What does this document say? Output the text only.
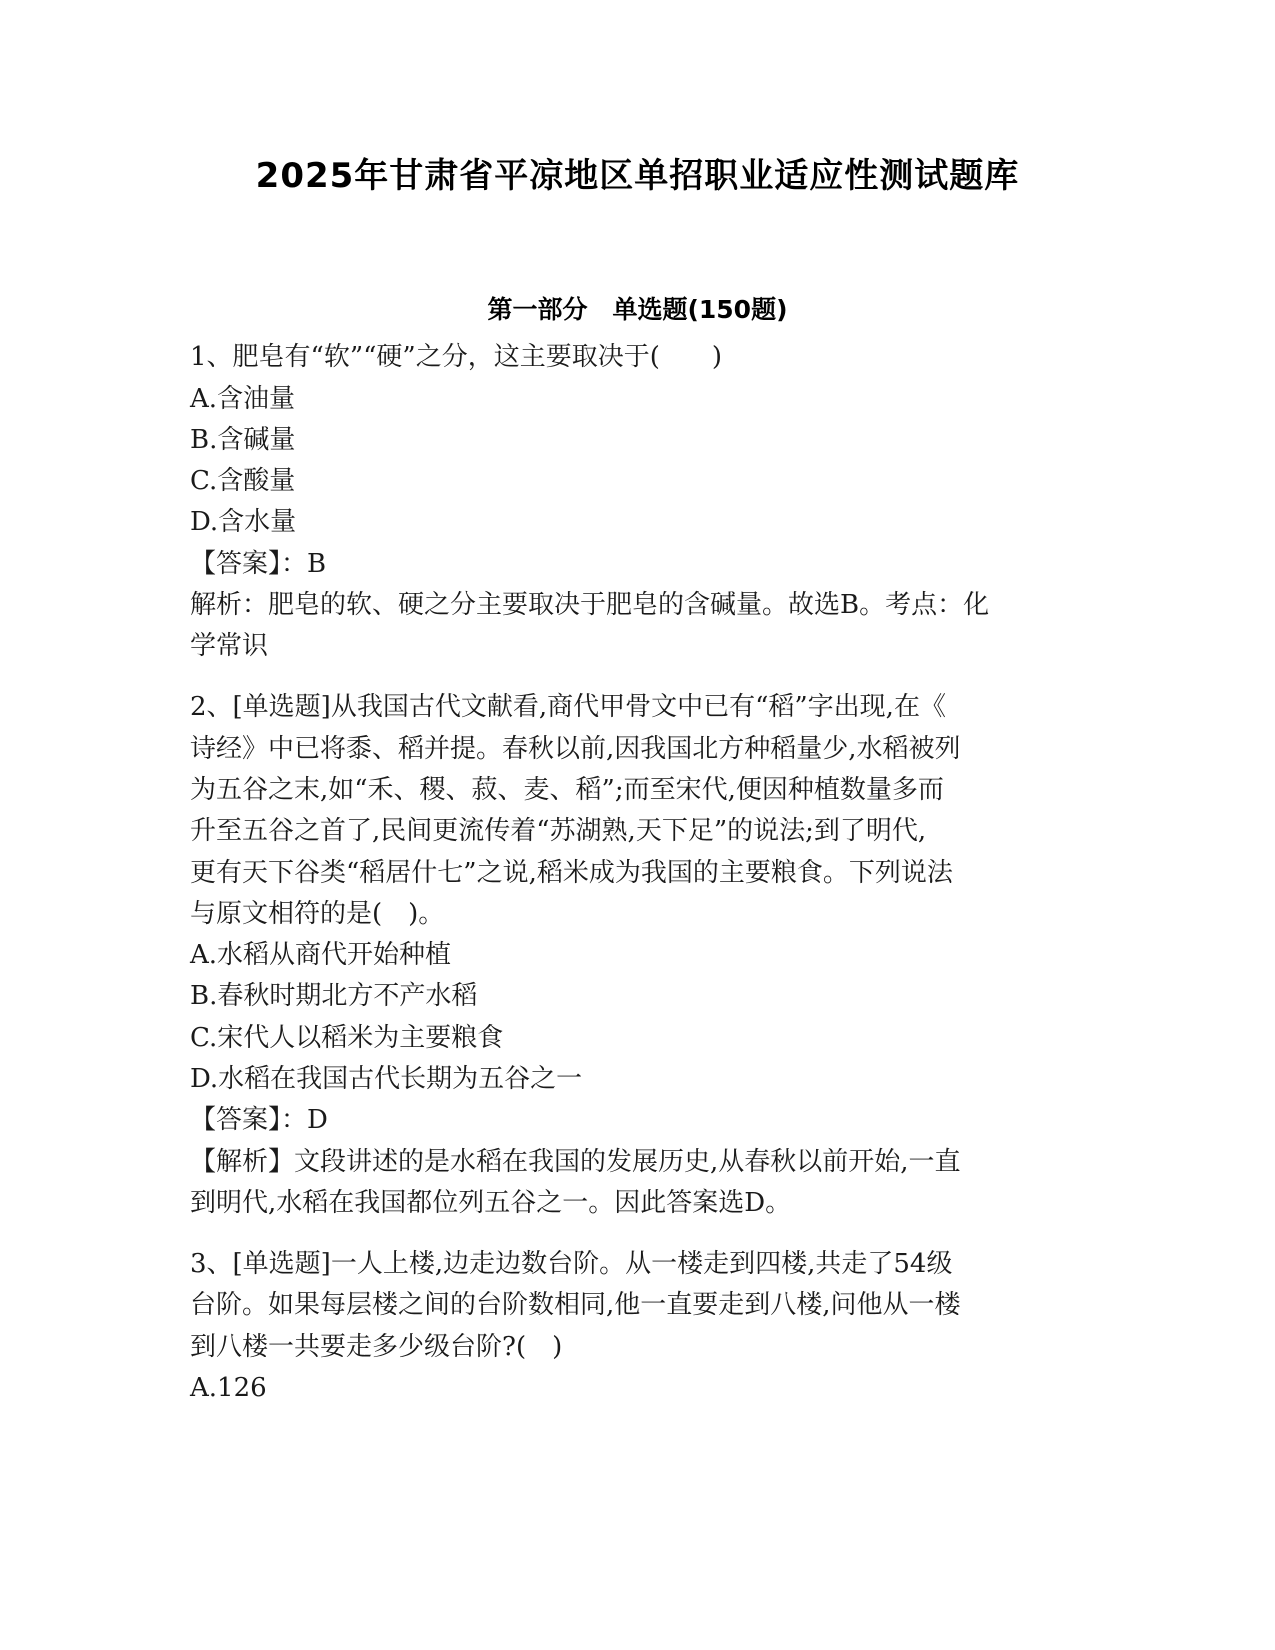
2025年甘肃省平凉地区单招职业适应性测试题库
第一部分　单选题(150题)
1、肥皂有“软”“硬”之分，这主要取决于(　　)
A.含油量
B.含碱量
C.含酸量
D.含水量
【答案】：B
解析：肥皂的软、硬之分主要取决于肥皂的含碱量。故选B。考点：化
学常识
2、[单选题]从我国古代文献看,商代甲骨文中已有“稻”字出现,在《
诗经》中已将黍、稻并提。春秋以前,因我国北方种稻量少,水稻被列
为五谷之末,如“禾、稷、菽、麦、稻”;而至宋代,便因种植数量多而
升至五谷之首了,民间更流传着“苏湖熟,天下足”的说法;到了明代,
更有天下谷类“稻居什七”之说,稻米成为我国的主要粮食。下列说法
与原文相符的是(　)。
A.水稻从商代开始种植
B.春秋时期北方不产水稻
C.宋代人以稻米为主要粮食
D.水稻在我国古代长期为五谷之一
【答案】：D
【解析】文段讲述的是水稻在我国的发展历史,从春秋以前开始,一直
到明代,水稻在我国都位列五谷之一。因此答案选D。
3、[单选题]一人上楼,边走边数台阶。从一楼走到四楼,共走了54级
台阶。如果每层楼之间的台阶数相同,他一直要走到八楼,问他从一楼
到八楼一共要走多少级台阶?(　)
A.126
